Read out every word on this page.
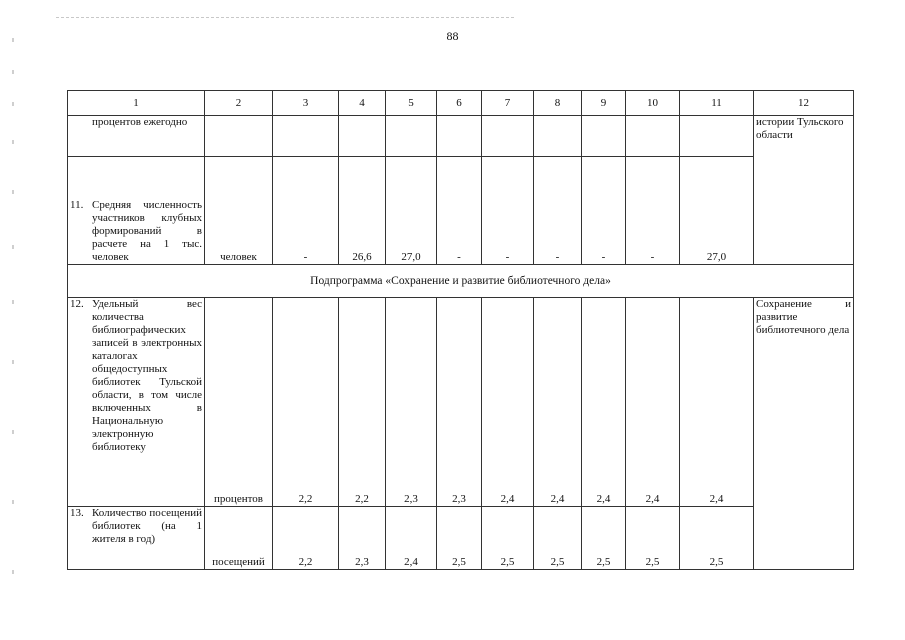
88
1	2	3	4	5	6	7	8	9	10	11	12

процентов ежегодно											истории Тульского области

11. Средняя численность участников клубных формирований в расчете на 1 тыс. человек	человек	-	26,6	27,0	-	-	-	-	-	27,0	
Подпрограмма «Сохранение и развитие библиотечного дела»											

12. Удельный вес количества библиографических записей в электронных каталогах общедоступных библиотек Тульской области, в том числе включенных в Национальную электронную библиотеку	процентов	2,2	2,2	2,3	2,3	2,4	2,4	2,4	2,4	2,4	Сохранение и развитие библиотечного дела

13. Количество посещений библиотек (на 1 жителя в год)	посещений	2,2	2,3	2,4	2,5	2,5	2,5	2,5	2,5	2,5	
